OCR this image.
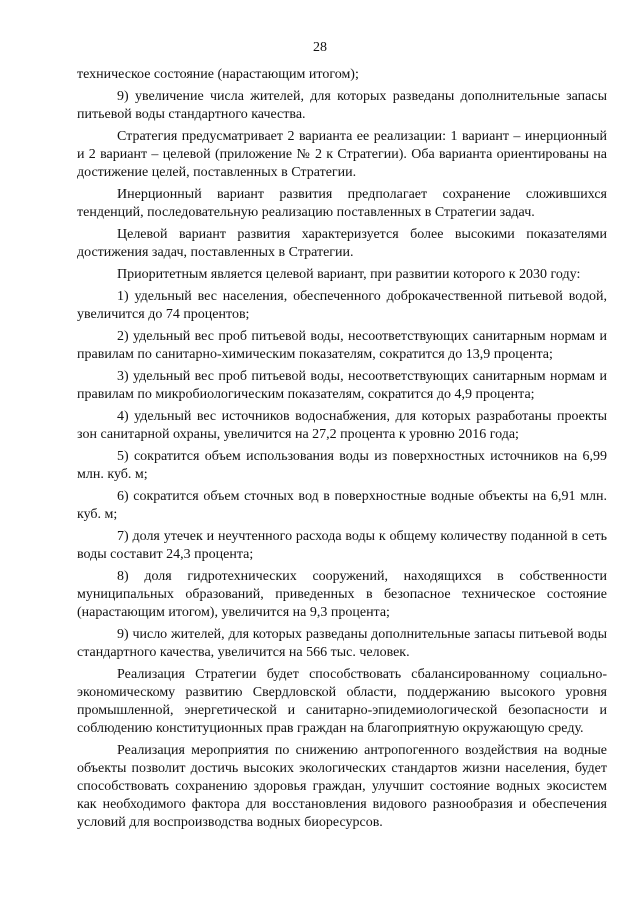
28

техническое состояние (нарастающим итогом);

9) увеличение числа жителей, для которых разведаны дополнительные запасы питьевой воды стандартного качества.

Стратегия предусматривает 2 варианта ее реализации: 1 вариант – инерционный и 2 вариант – целевой (приложение № 2 к Стратегии). Оба варианта ориентированы на достижение целей, поставленных в Стратегии.

Инерционный вариант развития предполагает сохранение сложившихся тенденций, последовательную реализацию поставленных в Стратегии задач.

Целевой вариант развития характеризуется более высокими показателями достижения задач, поставленных в Стратегии.

Приоритетным является целевой вариант, при развитии которого к 2030 году:

1) удельный вес населения, обеспеченного доброкачественной питьевой водой, увеличится до 74 процентов;

2) удельный вес проб питьевой воды, несоответствующих санитарным нормам и правилам по санитарно-химическим показателям, сократится до 13,9 процента;

3) удельный вес проб питьевой воды, несоответствующих санитарным нормам и правилам по микробиологическим показателям, сократится до 4,9 процента;

4) удельный вес источников водоснабжения, для которых разработаны проекты зон санитарной охраны, увеличится на 27,2 процента к уровню 2016 года;

5) сократится объем использования воды из поверхностных источников на 6,99 млн. куб. м;

6) сократится объем сточных вод в поверхностные водные объекты на 6,91 млн. куб. м;

7) доля утечек и неучтенного расхода воды к общему количеству поданной в сеть воды составит 24,3 процента;

8) доля гидротехнических сооружений, находящихся в собственности муниципальных образований, приведенных в безопасное техническое состояние (нарастающим итогом), увеличится на 9,3 процента;

9) число жителей, для которых разведаны дополнительные запасы питьевой воды стандартного качества, увеличится на 566 тыс. человек.

Реализация Стратегии будет способствовать сбалансированному социально-экономическому развитию Свердловской области, поддержанию высокого уровня промышленной, энергетической и санитарно-эпидемиологической безопасности и соблюдению конституционных прав граждан на благоприятную окружающую среду.

Реализация мероприятия по снижению антропогенного воздействия на водные объекты позволит достичь высоких экологических стандартов жизни населения, будет способствовать сохранению здоровья граждан, улучшит состояние водных экосистем как необходимого фактора для восстановления видового разнообразия и обеспечения условий для воспроизводства водных биоресурсов.
